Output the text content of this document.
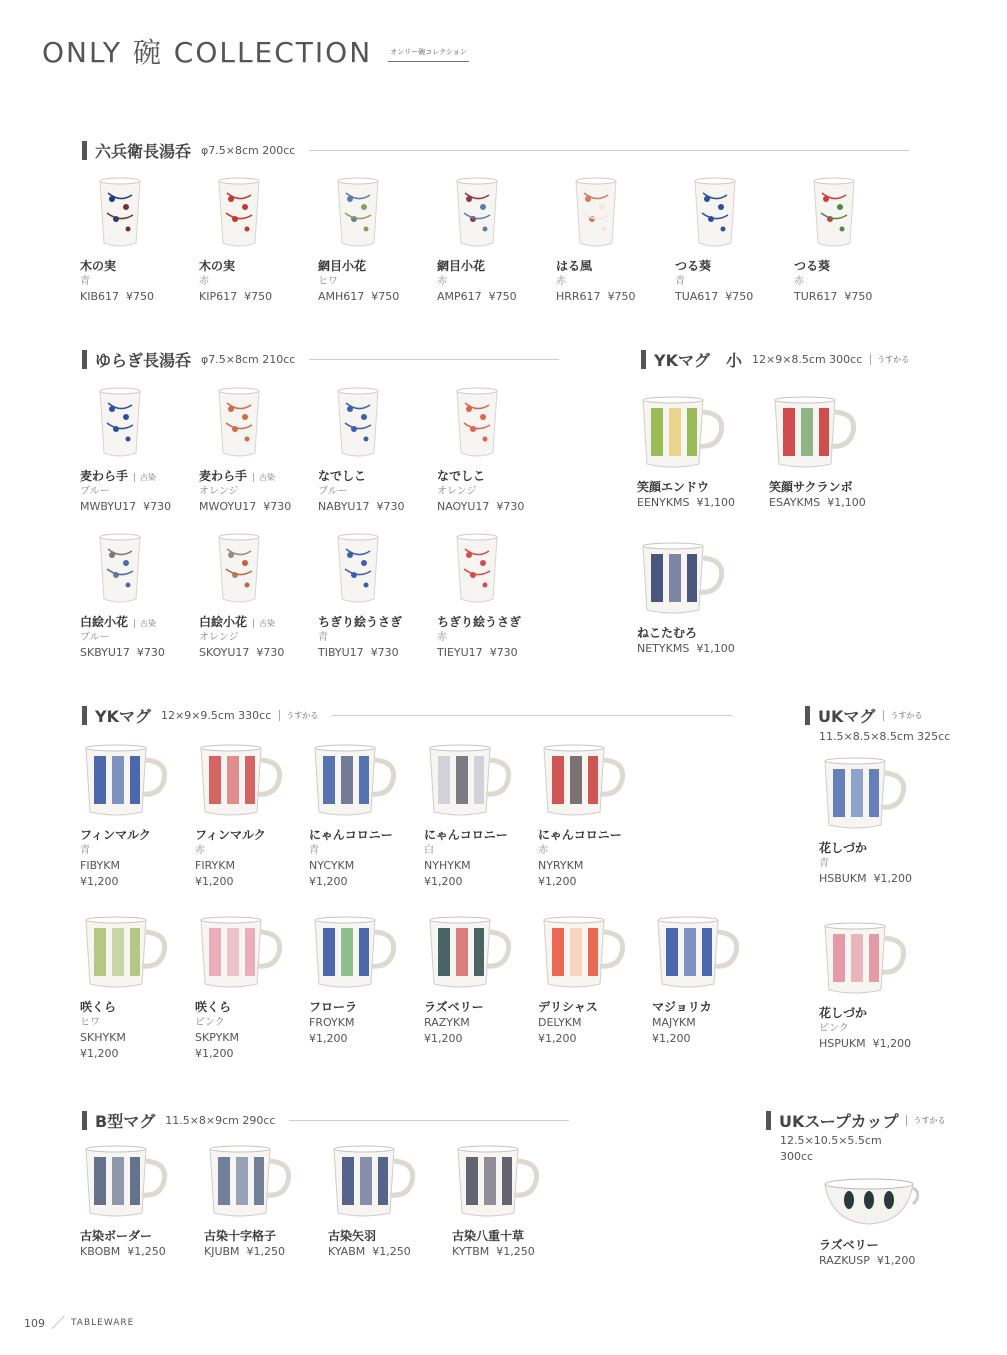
ONLY 碗 COLLECTION	オンリー碗コレクション
六兵衛長湯呑 φ7.5×8cm 200cc
木の実
青
KIB617 ¥750
木の実
赤
KIP617 ¥750
網目小花
ヒワ
AMH617 ¥750
網目小花
赤
AMP617 ¥750
はる風
赤
HRR617 ¥750
つる葵
青
TUA617 ¥750
つる葵
赤
TUR617 ¥750
ゆらぎ長湯呑 φ7.5×8cm 210cc
麦わら手 古染
ブルー
MWBYU17 ¥730
麦わら手 古染
オレンジ
MWOYU17 ¥730
なでしこ
ブルー
NABYU17 ¥730
なでしこ
オレンジ
NAOYU17 ¥730
白絵小花 古染
ブルー
SKBYU17 ¥730
白絵小花 古染
オレンジ
SKOYU17 ¥730
ちぎり絵うさぎ
青
TIBYU17 ¥730
ちぎり絵うさぎ
赤
TIEYU17 ¥730
YKマグ　小 12×9×8.5cm 300cc	うすかる
笑顔エンドウ
EENYKMS ¥1,100
笑顔サクランボ
ESAYKMS ¥1,100
ねこたむろ
NETYKMS ¥1,100
YKマグ 12×9×9.5cm 330cc	うすかる
フィンマルク
青
FIBYKM
¥1,200
フィンマルク
赤
FIRYKM
¥1,200
にゃんコロニー
青
NYCYKM
¥1,200
にゃんコロニー
白
NYHYKM
¥1,200
にゃんコロニー
赤
NYRYKM
¥1,200
咲くら
ヒワ
SKHYKM
¥1,200
咲くら
ピンク
SKPYKM
¥1,200
フローラ
FROYKM
¥1,200
ラズベリー
RAZYKM
¥1,200
デリシャス
DELYKM
¥1,200
マジョリカ
MAJYKM
¥1,200
UKマグ	うすかる
11.5×8.5×8.5cm 325cc
花しづか
青
HSBUKM ¥1,200
花しづか
ピンク
HSPUKM ¥1,200
B型マグ 11.5×8×9cm 290cc
古染ボーダー
KBOBM ¥1,250
古染十字格子
KJUBM ¥1,250
古染矢羽
KYABM ¥1,250
古染八重十草
KYTBM ¥1,250
UKスープカップ	うすかる
12.5×10.5×5.5cm
300cc
ラズベリー
RAZKUSP ¥1,200
109 ／ TABLEWARE
